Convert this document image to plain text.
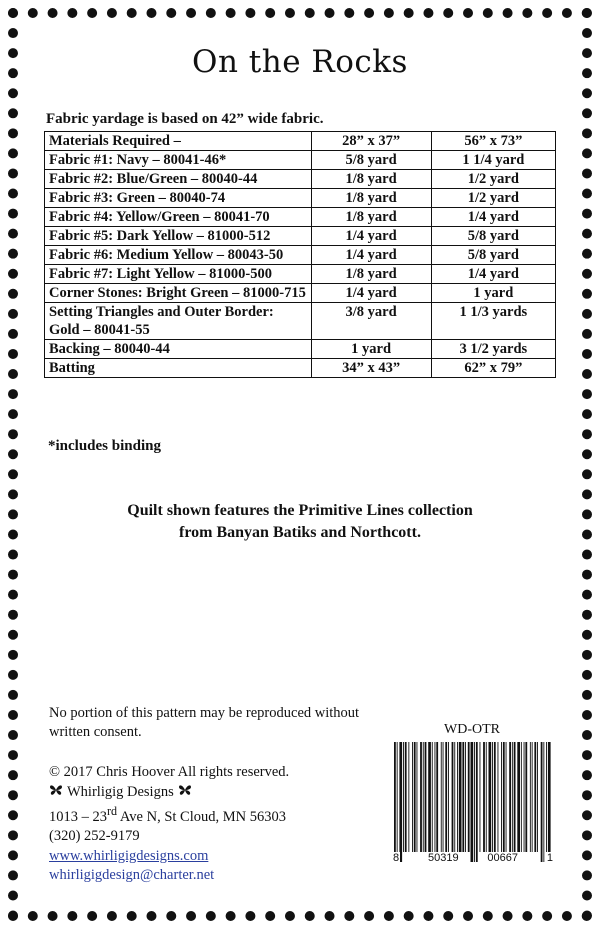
On the Rocks
Fabric yardage is based on 42” wide fabric.
Materials Required –	28” x 37”	56” x 73”
Fabric #1: Navy – 80041-46*	5/8 yard	1 1/4 yard
Fabric #2: Blue/Green – 80040-44	1/8 yard	1/2 yard
Fabric #3: Green – 80040-74	1/8 yard	1/2 yard
Fabric #4: Yellow/Green – 80041-70	1/8 yard	1/4 yard
Fabric #5: Dark Yellow – 81000-512	1/4 yard	5/8 yard
Fabric #6: Medium Yellow – 80043-50	1/4 yard	5/8 yard
Fabric #7: Light Yellow – 81000-500	1/8 yard	1/4 yard
Corner Stones: Bright Green – 81000-715	1/4 yard	1 yard
Setting Triangles and Outer Border: Gold – 80041-55	3/8 yard	1 1/3 yards
Backing – 80040-44	1 yard	3 1/2 yards
Batting	34” x 43”	62” x 79”
*includes binding
Quilt shown features the Primitive Lines collection
from Banyan Batiks and Northcott.
No portion of this pattern may be reproduced without written consent.
© 2017 Chris Hoover All rights reserved.
Whirligig Designs
1013 – 23rd Ave N, St Cloud, MN 56303
(320) 252-9179
www.whirligigdesigns.com
whirligigdesign@charter.net
WD-OTR
8	50319	00667	1
